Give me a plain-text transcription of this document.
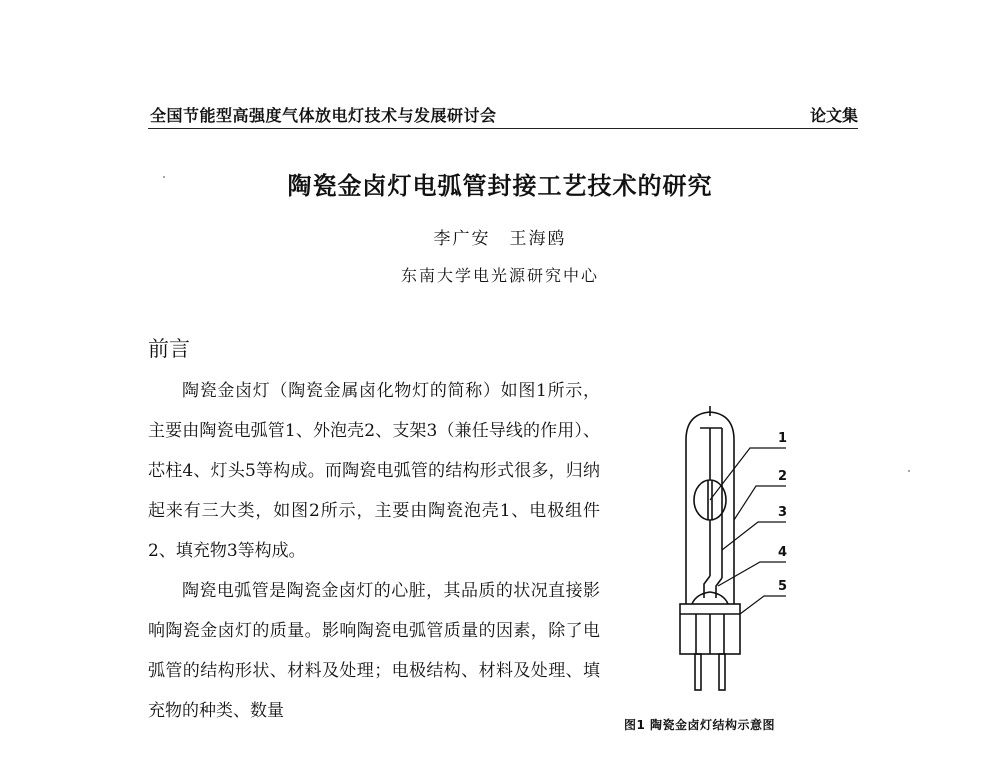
全国节能型高强度气体放电灯技术与发展研讨会	论文集
陶瓷金卤灯电弧管封接工艺技术的研究
李广安　王海鸥
东南大学电光源研究中心
前言

陶瓷金卤灯（陶瓷金属卤化物灯的简称）如图1所示，主要由陶瓷电弧管1、外泡壳2、支架3（兼任导线的作用）、芯柱4、灯头5等构成。而陶瓷电弧管的结构形式很多，归纳起来有三大类，如图2所示，主要由陶瓷泡壳1、电极组件2、填充物3等构成。

陶瓷电弧管是陶瓷金卤灯的心脏，其品质的状况直接影响陶瓷金卤灯的质量。影响陶瓷电弧管质量的因素，除了电弧管的结构形状、材料及处理；电极结构、材料及处理、填充物的种类、数量

1
2
3
4
5
图1 陶瓷金卤灯结构示意图
